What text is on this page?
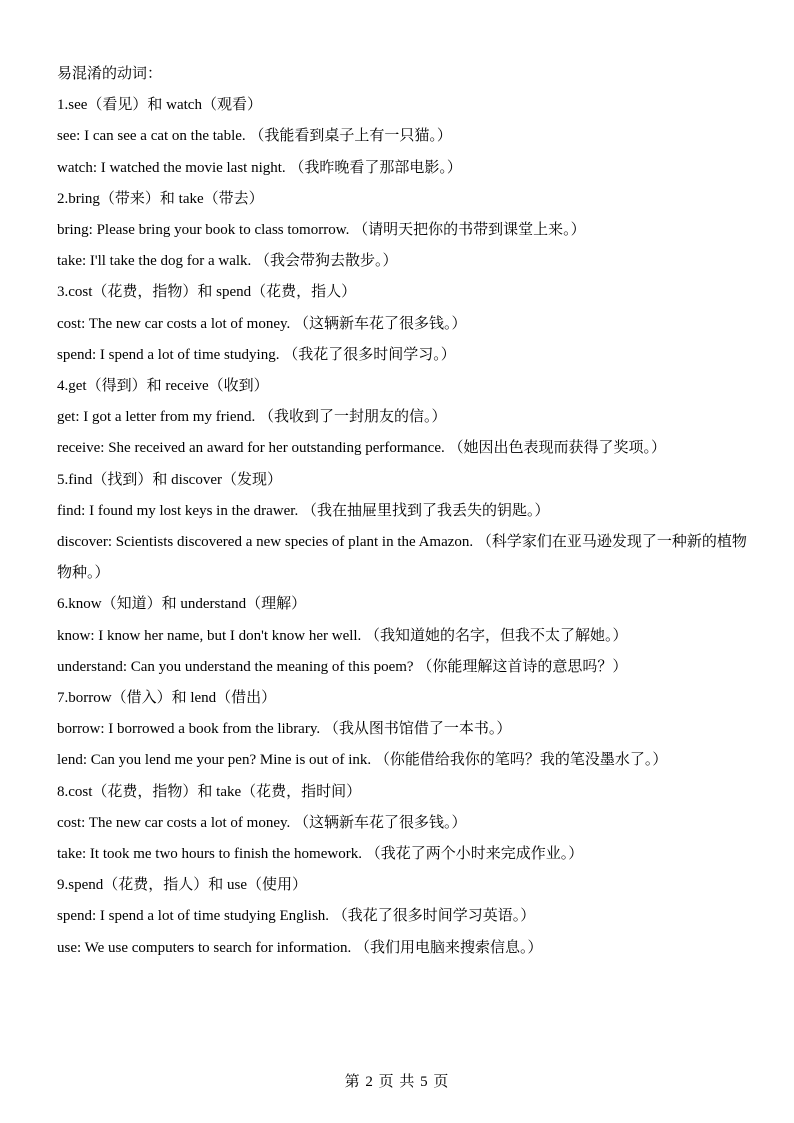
易混淆的动词：
1.see（看见）和 watch（观看）
see: I can see a cat on the table. （我能看到桌子上有一只猫。）
watch: I watched the movie last night. （我昨晚看了那部电影。）
2.bring（带来）和 take（带去）
bring: Please bring your book to class tomorrow. （请明天把你的书带到课堂上来。）
take: I'll take the dog for a walk. （我会带狗去散步。）
3.cost（花费，指物）和 spend（花费，指人）
cost: The new car costs a lot of money. （这辆新车花了很多钱。）
spend: I spend a lot of time studying. （我花了很多时间学习。）
4.get（得到）和 receive（收到）
get: I got a letter from my friend. （我收到了一封朋友的信。）
receive: She received an award for her outstanding performance. （她因出色表现而获得了奖项。）
5.find（找到）和 discover（发现）
find: I found my lost keys in the drawer. （我在抽屉里找到了我丢失的钥匙。）
discover: Scientists discovered a new species of plant in the Amazon. （科学家们在亚马逊发现了一种新的植物物种。）
6.know（知道）和 understand（理解）
know: I know her name, but I don't know her well. （我知道她的名字，但我不太了解她。）
understand: Can you understand the meaning of this poem? （你能理解这首诗的意思吗？）
7.borrow（借入）和 lend（借出）
borrow: I borrowed a book from the library. （我从图书馆借了一本书。）
lend: Can you lend me your pen? Mine is out of ink. （你能借给我你的笔吗？我的笔没墨水了。）
8.cost（花费，指物）和 take（花费，指时间）
cost: The new car costs a lot of money. （这辆新车花了很多钱。）
take: It took me two hours to finish the homework. （我花了两个小时来完成作业。）
9.spend（花费，指人）和 use（使用）
spend: I spend a lot of time studying English. （我花了很多时间学习英语。）
use: We use computers to search for information. （我们用电脑来搜索信息。）
第 2 页 共 5 页
